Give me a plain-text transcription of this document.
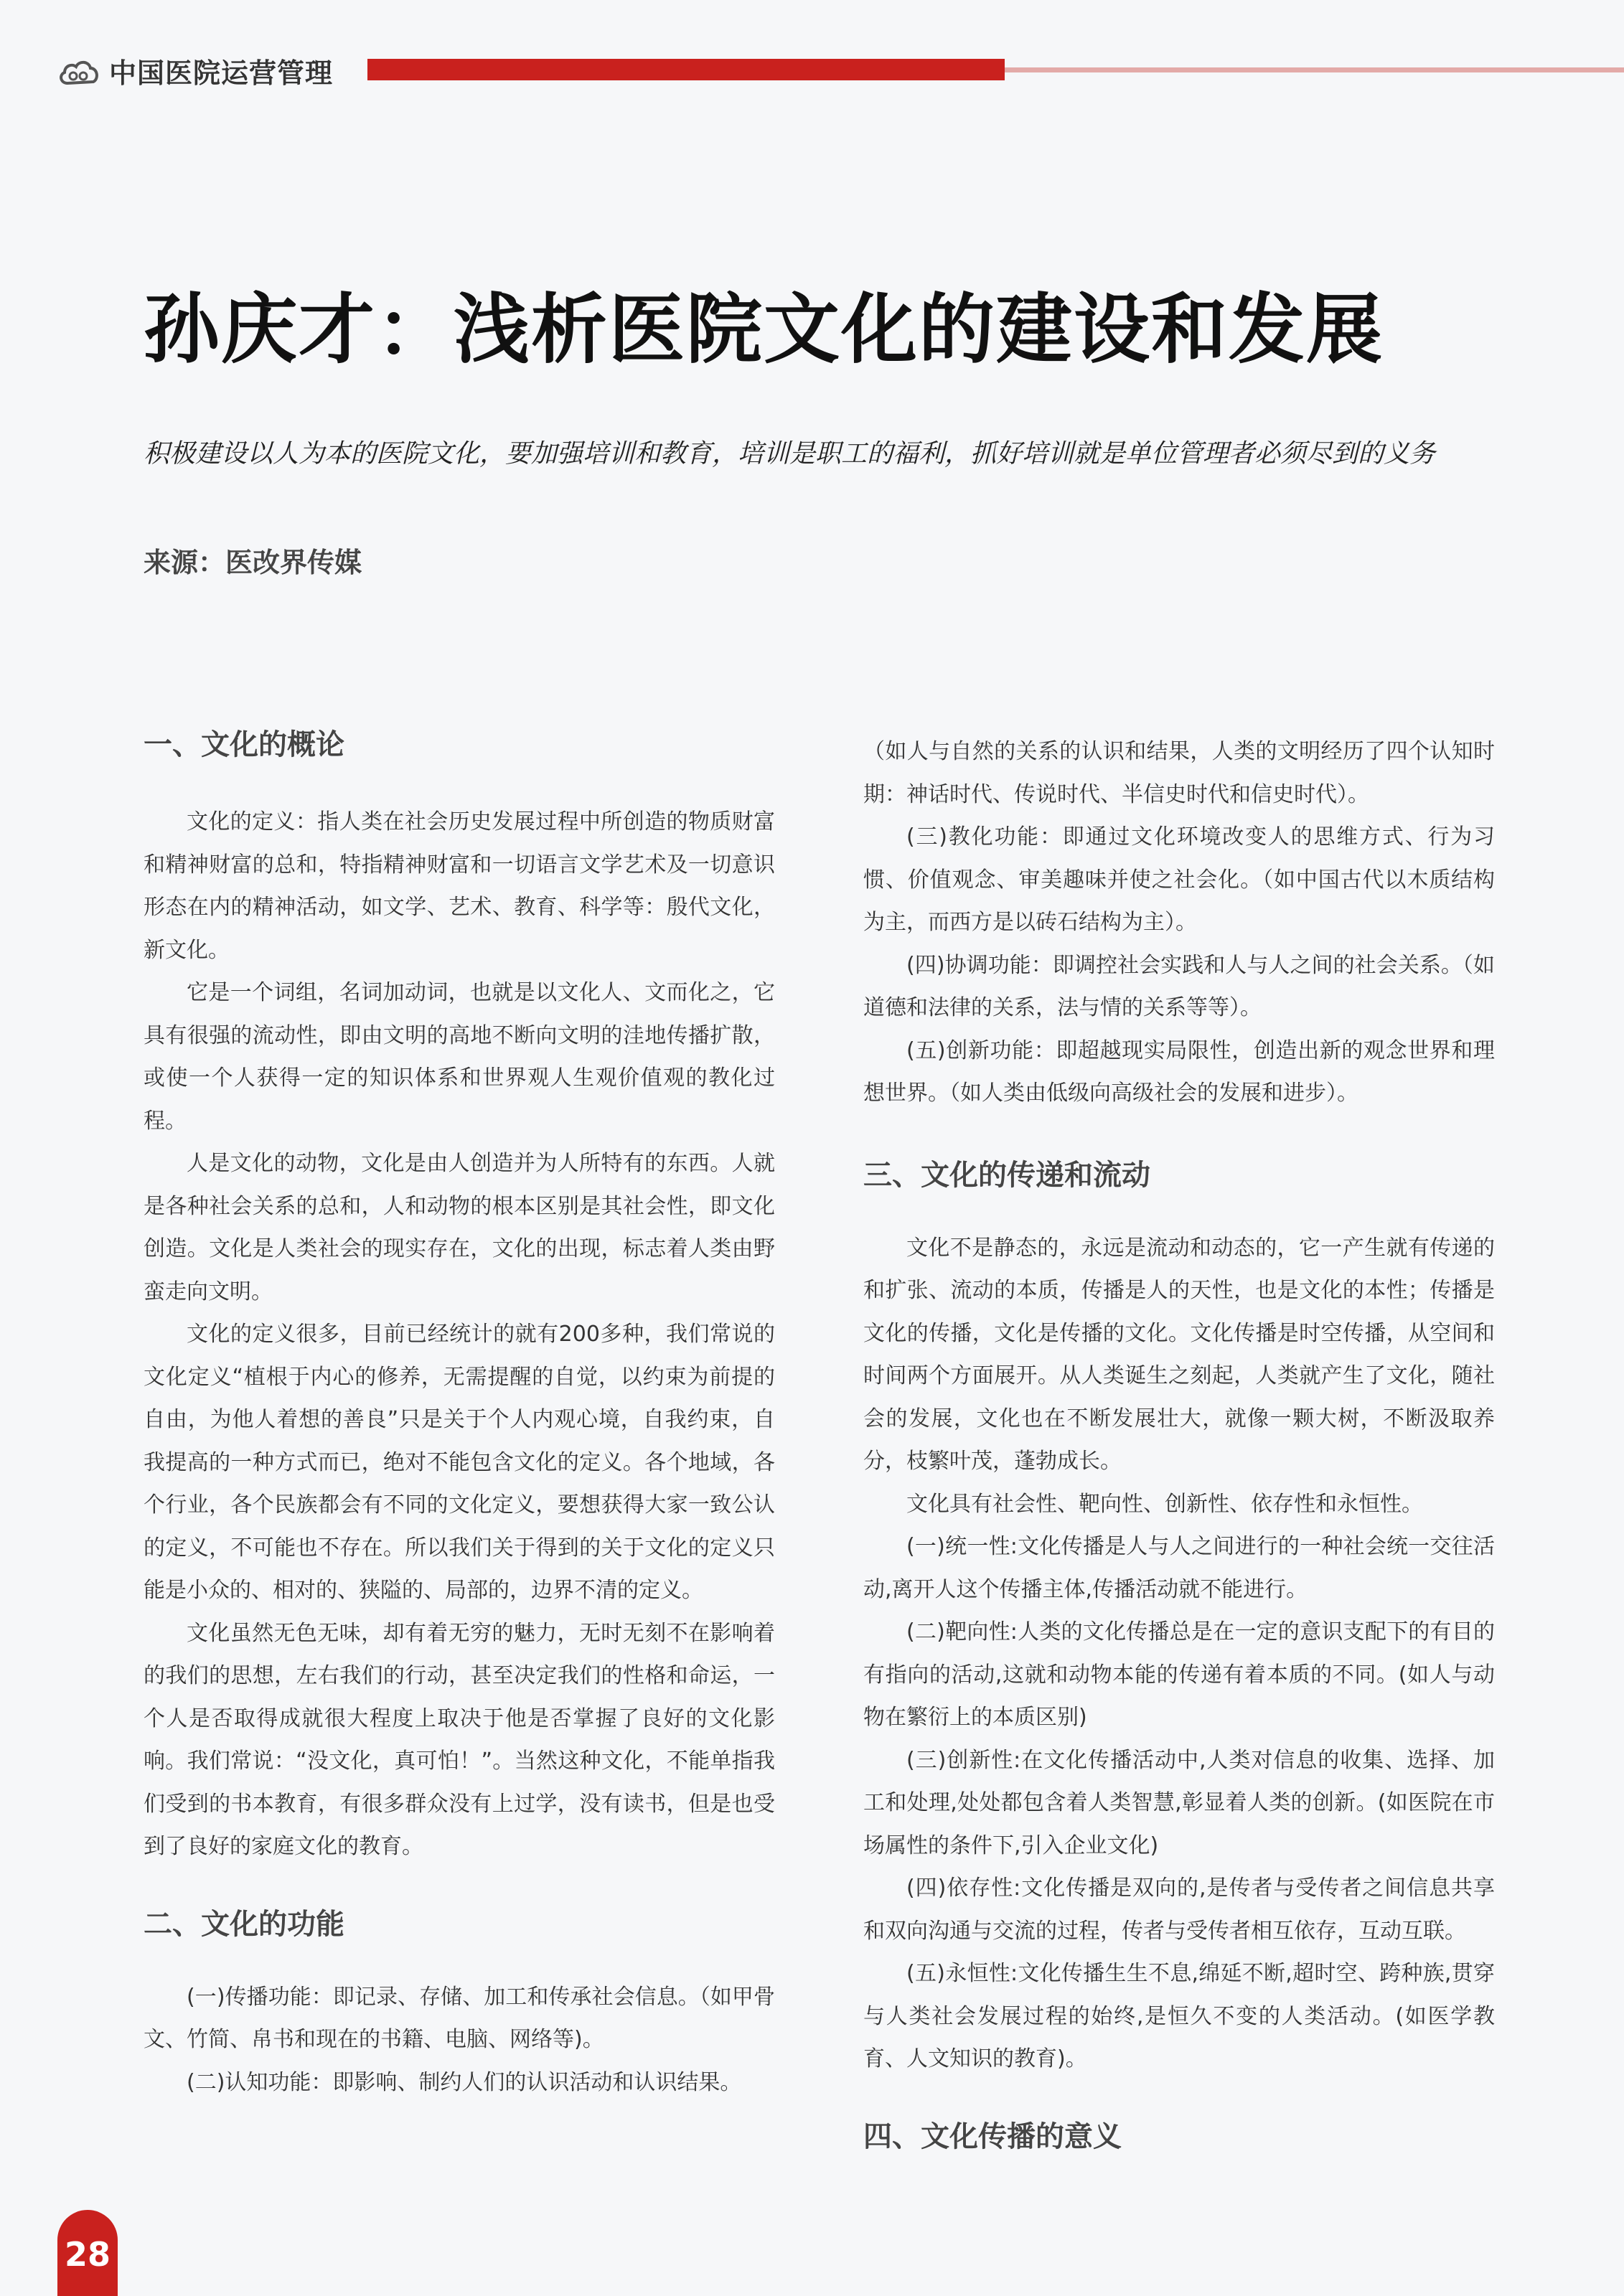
中国医院运营管理
孙庆才：浅析医院文化的建设和发展
积极建设以人为本的医院文化，要加强培训和教育，培训是职工的福利，抓好培训就是单位管理者必须尽到的义务
来源：医改界传媒
一、文化的概论

文化的定义：指人类在社会历史发展过程中所创造的物质财富和精神财富的总和，特指精神财富和一切语言文学艺术及一切意识形态在内的精神活动，如文学、艺术、教育、科学等：殷代文化，新文化。

它是一个词组，名词加动词，也就是以文化人、文而化之，它具有很强的流动性，即由文明的高地不断向文明的洼地传播扩散，或使一个人获得一定的知识体系和世界观人生观价值观的教化过程。

人是文化的动物，文化是由人创造并为人所特有的东西。人就是各种社会关系的总和，人和动物的根本区别是其社会性，即文化创造。文化是人类社会的现实存在，文化的出现，标志着人类由野蛮走向文明。

文化的定义很多，目前已经统计的就有200多种，我们常说的文化定义“植根于内心的修养，无需提醒的自觉，以约束为前提的自由，为他人着想的善良”只是关于个人内观心境，自我约束，自我提高的一种方式而已，绝对不能包含文化的定义。各个地域，各个行业，各个民族都会有不同的文化定义，要想获得大家一致公认的定义，不可能也不存在。所以我们关于得到的关于文化的定义只能是小众的、相对的、狭隘的、局部的，边界不清的定义。

文化虽然无色无味，却有着无穷的魅力，无时无刻不在影响着的我们的思想，左右我们的行动，甚至决定我们的性格和命运，一个人是否取得成就很大程度上取决于他是否掌握了良好的文化影响。我们常说：“没文化，真可怕！”。当然这种文化，不能单指我们受到的书本教育，有很多群众没有上过学，没有读书，但是也受到了良好的家庭文化的教育。

二、文化的功能

(一)传播功能：即记录、存储、加工和传承社会信息。（如甲骨文、竹简、帛书和现在的书籍、电脑、网络等)。

(二)认知功能：即影响、制约人们的认识活动和认识结果。

（如人与自然的关系的认识和结果，人类的文明经历了四个认知时期：神话时代、传说时代、半信史时代和信史时代）。

(三)教化功能：即通过文化环境改变人的思维方式、行为习惯、价值观念、审美趣味并使之社会化。（如中国古代以木质结构为主，而西方是以砖石结构为主）。

(四)协调功能：即调控社会实践和人与人之间的社会关系。（如道德和法律的关系，法与情的关系等等）。

(五)创新功能：即超越现实局限性，创造出新的观念世界和理想世界。（如人类由低级向高级社会的发展和进步）。

三、文化的传递和流动

文化不是静态的，永远是流动和动态的，它一产生就有传递的和扩张、流动的本质，传播是人的天性，也是文化的本性；传播是文化的传播，文化是传播的文化。文化传播是时空传播，从空间和时间两个方面展开。从人类诞生之刻起，人类就产生了文化，随社会的发展，文化也在不断发展壮大，就像一颗大树，不断汲取养分，枝繁叶茂，蓬勃成长。

文化具有社会性、靶向性、创新性、依存性和永恒性。

(一)统一性:文化传播是人与人之间进行的一种社会统一交往活动,离开人这个传播主体,传播活动就不能进行。

(二)靶向性:人类的文化传播总是在一定的意识支配下的有目的有指向的活动,这就和动物本能的传递有着本质的不同。(如人与动物在繁衍上的本质区别)

(三)创新性:在文化传播活动中,人类对信息的收集、选择、加工和处理,处处都包含着人类智慧,彰显着人类的创新。(如医院在市场属性的条件下,引入企业文化)

(四)依存性:文化传播是双向的,是传者与受传者之间信息共享和双向沟通与交流的过程，传者与受传者相互依存，互动互联。

(五)永恒性:文化传播生生不息,绵延不断,超时空、跨种族,贯穿与人类社会发展过程的始终,是恒久不变的人类活动。(如医学教育、人文知识的教育)。

四、文化传播的意义
28
